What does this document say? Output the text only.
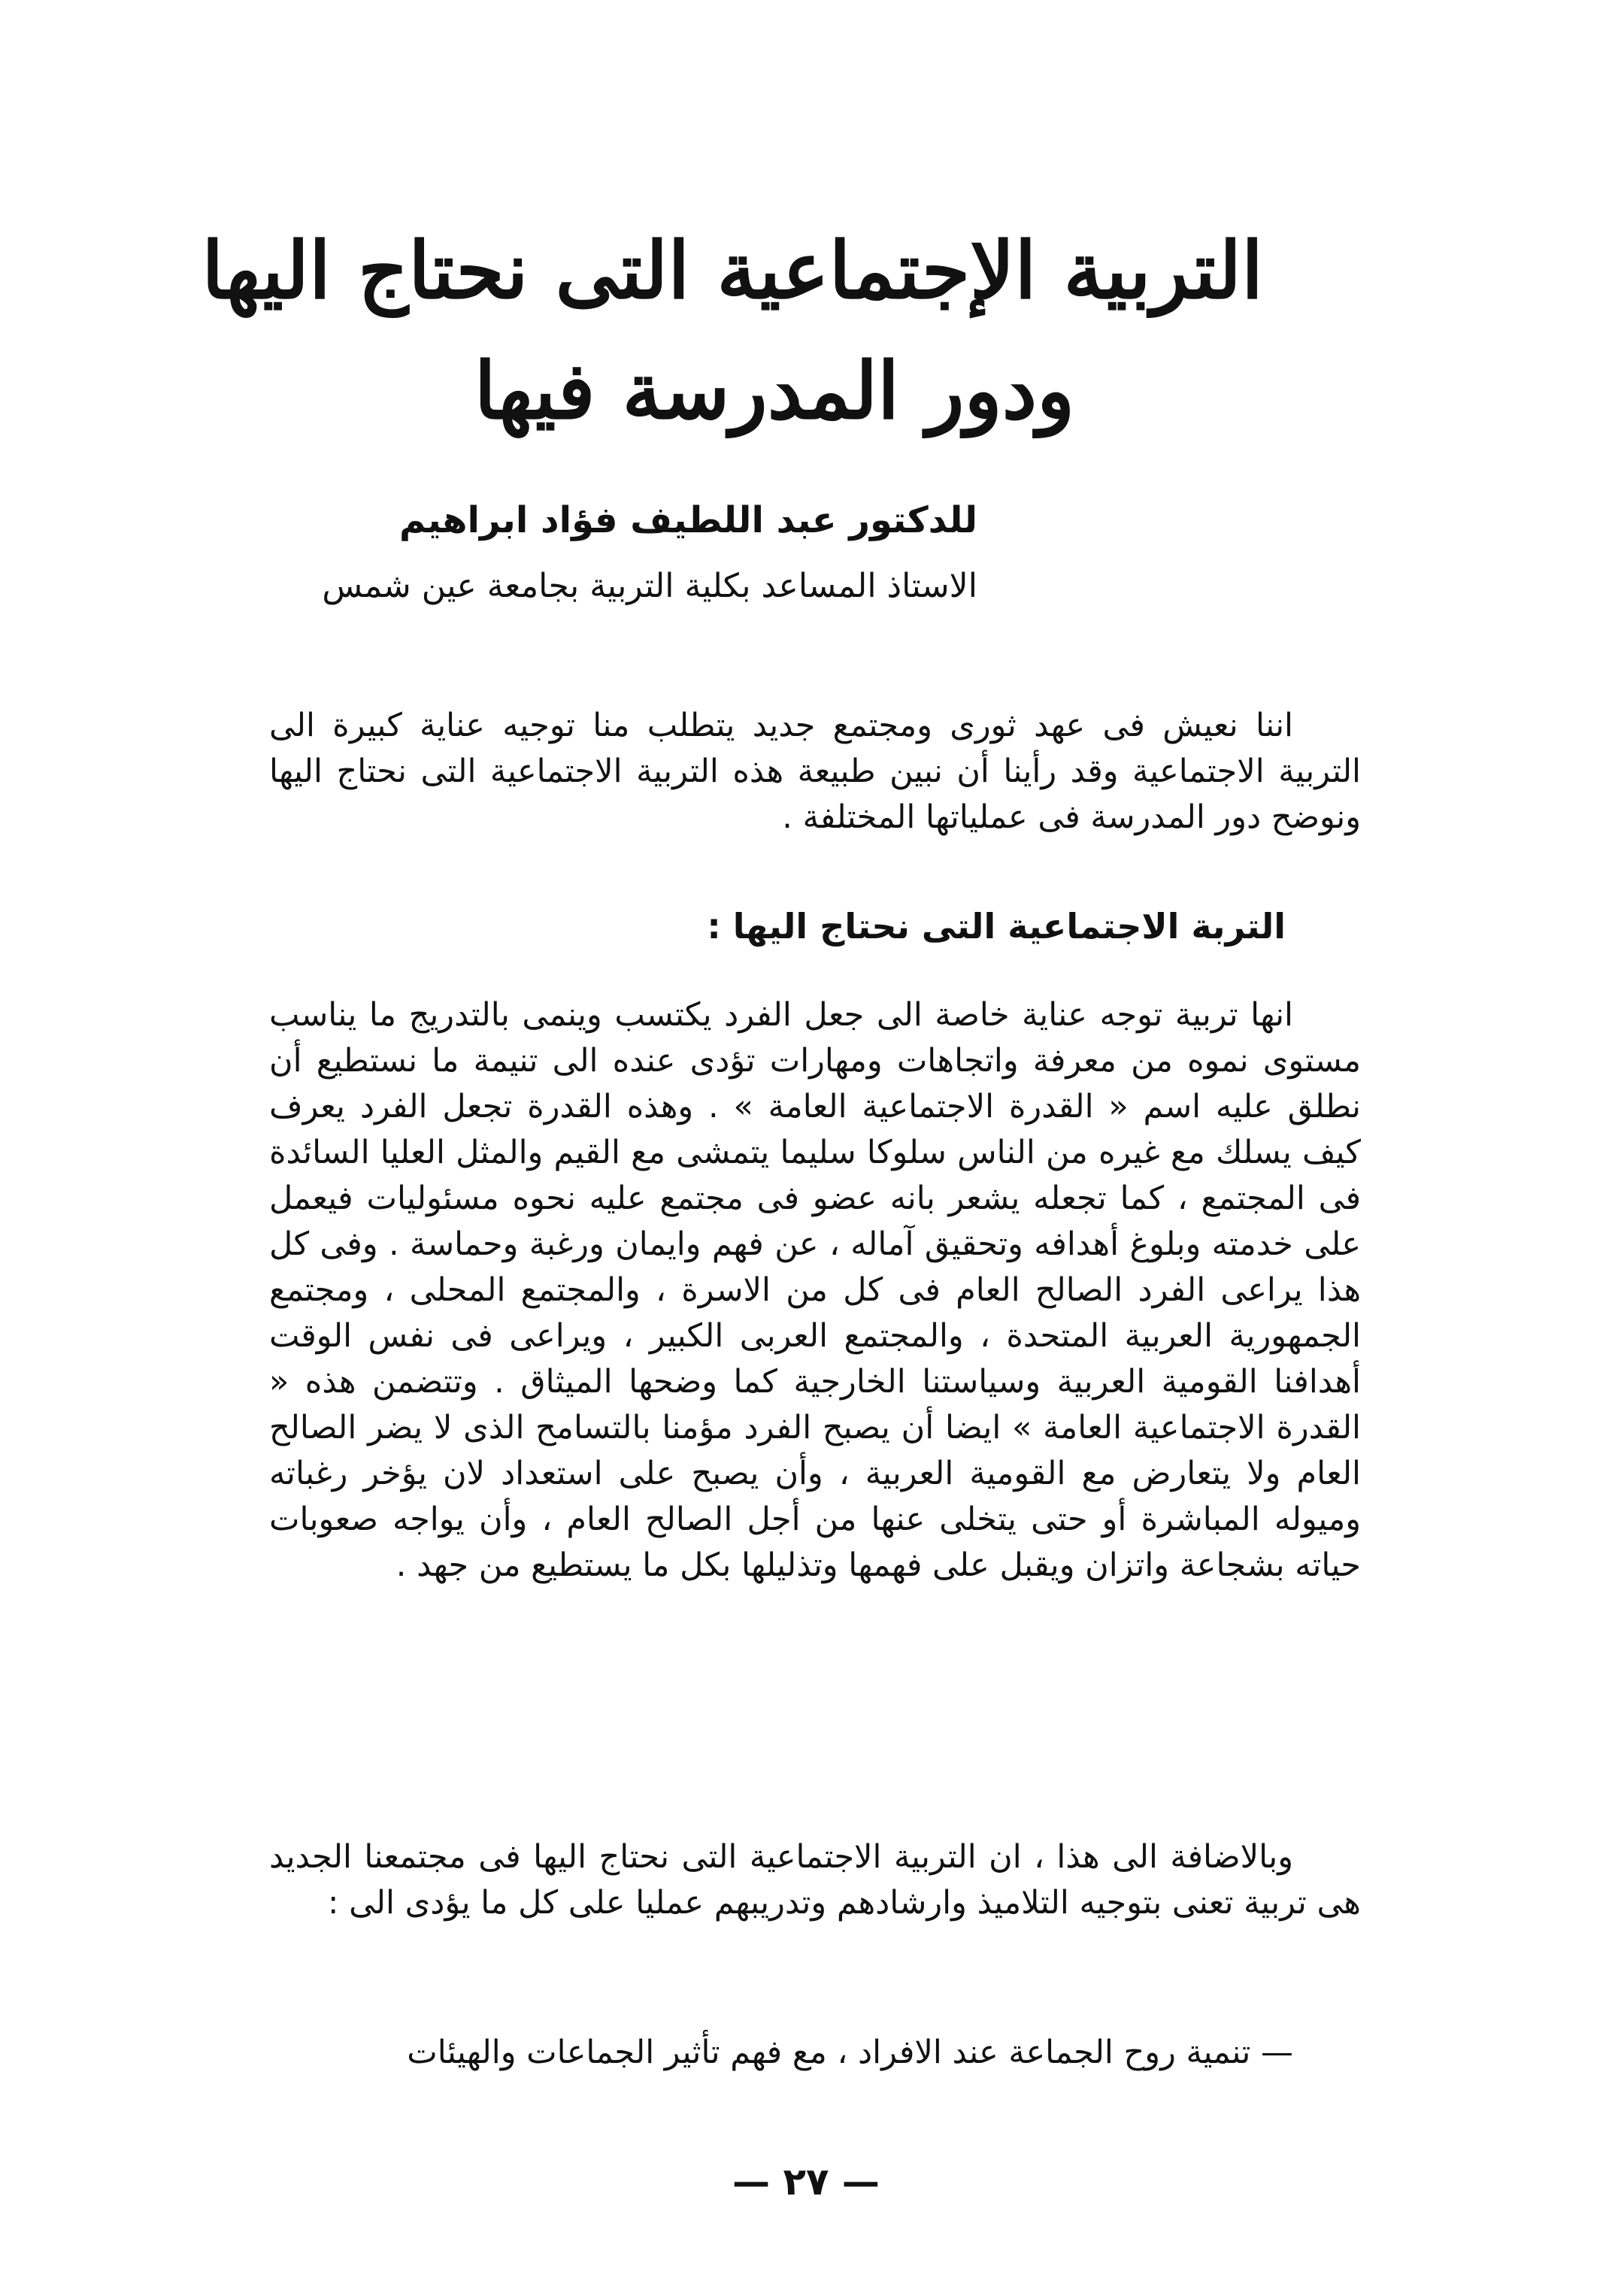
التربية الإجتماعية التى نحتاج اليها
ودور المدرسة فيها
للدكتور عبد اللطيف فؤاد ابراهيم
الاستاذ المساعد بكلية التربية بجامعة عين شمس

اننا نعيش فى عهد ثورى ومجتمع جديد يتطلب منا توجيه عناية كبيرة الى التربية الاجتماعية وقد رأينا أن نبين طبيعة هذه التربية الاجتماعية التى نحتاج اليها ونوضح دور المدرسة فى عملياتها المختلفة .

التربة الاجتماعية التى نحتاج اليها :

انها تربية توجه عناية خاصة الى جعل الفرد يكتسب وينمى بالتدريج ما يناسب مستوى نموه من معرفة واتجاهات ومهارات تؤدى عنده الى تنيمة ما نستطيع أن نطلق عليه اسم « القدرة الاجتماعية العامة » . وهذه القدرة تجعل الفرد يعرف كيف يسلك مع غيره من الناس سلوكا سليما يتمشى مع القيم والمثل العليا السائدة فى المجتمع ، كما تجعله يشعر بانه عضو فى مجتمع عليه نحوه مسئوليات فيعمل على خدمته وبلوغ أهدافه وتحقيق آماله ، عن فهم وايمان ورغبة وحماسة . وفى كل هذا يراعى الفرد الصالح العام فى كل من الاسرة ، والمجتمع المحلى ، ومجتمع الجمهورية العربية المتحدة ، والمجتمع العربى الكبير ، ويراعى فى نفس الوقت أهدافنا القومية العربية وسياستنا الخارجية كما وضحها الميثاق . وتتضمن هذه « القدرة الاجتماعية العامة » ايضا أن يصبح الفرد مؤمنا بالتسامح الذى لا يضر الصالح العام ولا يتعارض مع القومية العربية ، وأن يصبح على استعداد لان يؤخر رغباته وميوله المباشرة أو حتى يتخلى عنها من أجل الصالح العام ، وأن يواجه صعوبات حياته بشجاعة واتزان ويقبل على فهمها وتذليلها بكل ما يستطيع من جهد .

وبالاضافة الى هذا ، ان التربية الاجتماعية التى نحتاج اليها فى مجتمعنا الجديد هى تربية تعنى بتوجيه التلاميذ وارشادهم وتدريبهم عمليا على كل ما يؤدى الى :

— تنمية روح الجماعة عند الافراد ، مع فهم تأثير الجماعات والهيئات
— ٢٧ —
